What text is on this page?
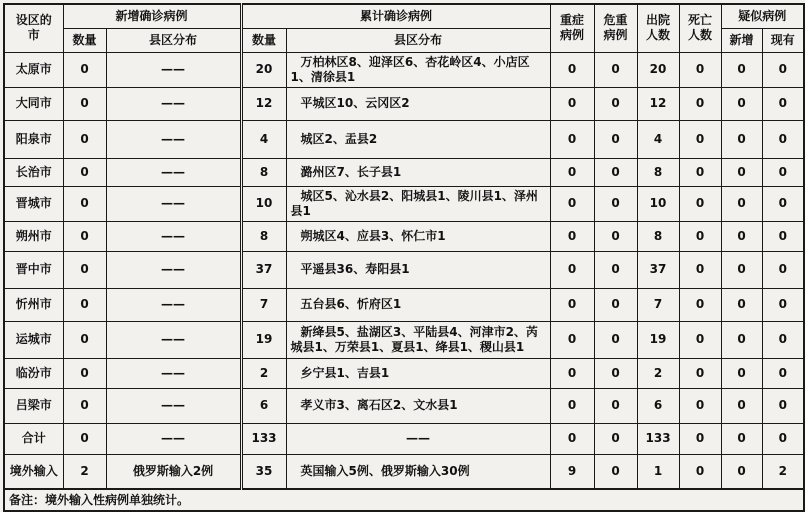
设区的市	新增确诊病例		累计确诊病例		重症病例	危重病例	出院人数	死亡人数	疑似病例	
	数量	县区分布	数量	县区分布					新增	现有
太原市	0	——	20	万柏林区8、迎泽区6、杏花岭区4、小店区1、清徐县1	0	0	20	0	0	0
大同市	0	——	12	平城区10、云冈区2	0	0	12	0	0	0
阳泉市	0	——	4	城区2、盂县2	0	0	4	0	0	0
长治市	0	——	8	潞州区7、长子县1	0	0	8	0	0	0
晋城市	0	——	10	城区5、沁水县2、阳城县1、陵川县1、泽州县1	0	0	10	0	0	0
朔州市	0	——	8	朔城区4、应县3、怀仁市1	0	0	8	0	0	0
晋中市	0	——	37	平遥县36、寿阳县1	0	0	37	0	0	0
忻州市	0	——	7	五台县6、忻府区1	0	0	7	0	0	0
运城市	0	——	19	新绛县5、盐湖区3、平陆县4、河津市2、芮城县1、万荣县1、夏县1、绛县1、稷山县1	0	0	19	0	0	0
临汾市	0	——	2	乡宁县1、吉县1	0	0	2	0	0	0
吕梁市	0	——	6	孝义市3、离石区2、文水县1	0	0	6	0	0	0
合计	0	——	133	——	0	0	133	0	0	0
境外输入	2	俄罗斯输入2例	35	英国输入5例、俄罗斯输入30例	9	0	1	0	0	2
备注：境外输入性病例单独统计。										
